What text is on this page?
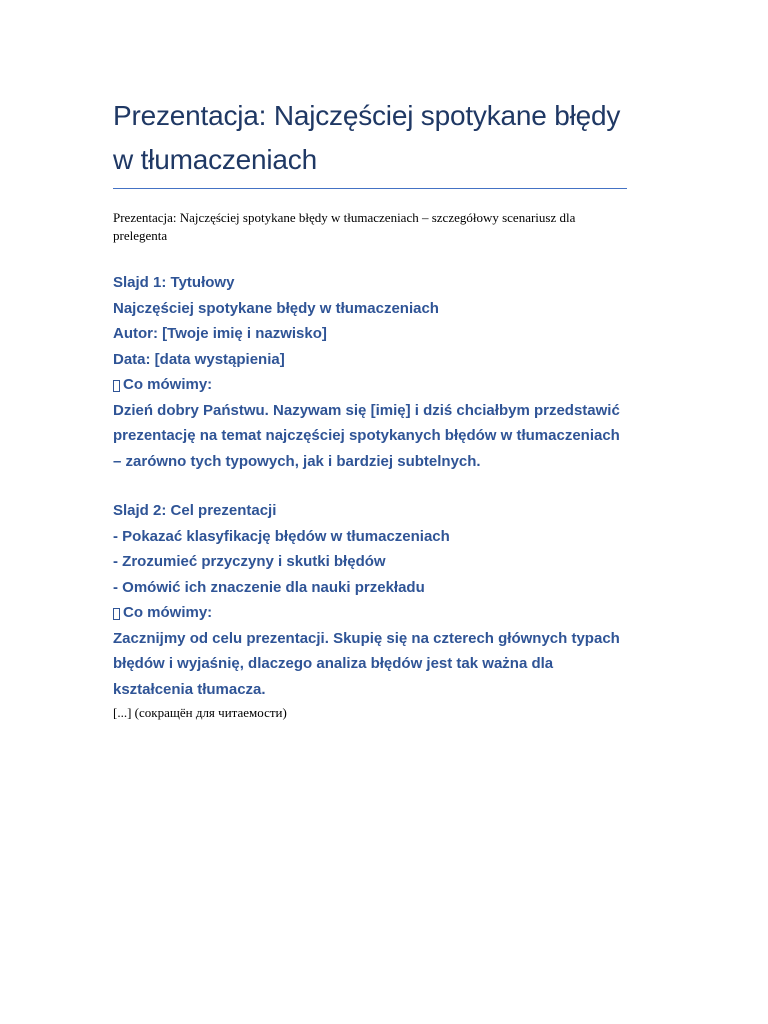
Prezentacja: Najczęściej spotykane błędy w tłumaczeniach
Prezentacja: Najczęściej spotykane błędy w tłumaczeniach – szczegółowy scenariusz dla prelegenta

Slajd 1: Tytułowy

Najczęściej spotykane błędy w tłumaczeniach

Autor: [Twoje imię i nazwisko]

Data: [data wystąpienia]

Co mówimy:

Dzień dobry Państwu. Nazywam się [imię] i dziś chciałbym przedstawić prezentację na temat najczęściej spotykanych błędów w tłumaczeniach – zarówno tych typowych, jak i bardziej subtelnych.

Slajd 2: Cel prezentacji

- Pokazać klasyfikację błędów w tłumaczeniach

- Zrozumieć przyczyny i skutki błędów

- Omówić ich znaczenie dla nauki przekładu

Co mówimy:

Zacznijmy od celu prezentacji. Skupię się na czterech głównych typach błędów i wyjaśnię, dlaczego analiza błędów jest tak ważna dla kształcenia tłumacza.

[...] (сокращён для читаемости)
